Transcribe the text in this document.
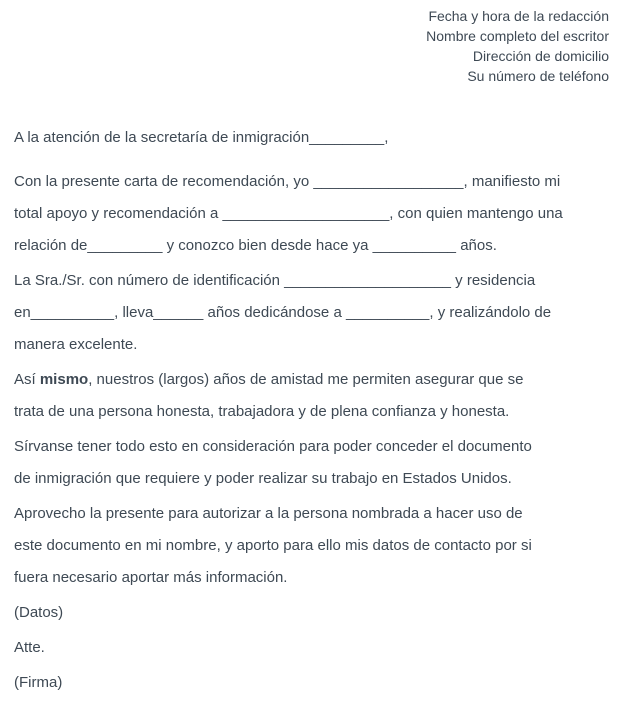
Fecha y hora de la redacción
Nombre completo del escritor
Dirección de domicilio
Su número de teléfono

A la atención de la secretaría de inmigración_________,

Con la presente carta de recomendación, yo __________________, manifiesto mi
total apoyo y recomendación a ____________________, con quien mantengo una
relación de_________ y conozco bien desde hace ya __________ años.

La Sra./Sr. con número de identificación ____________________ y residencia
en__________, lleva______ años dedicándose a __________, y realizándolo de
manera excelente.

Así mismo, nuestros (largos) años de amistad me permiten asegurar que se
trata de una persona honesta, trabajadora y de plena confianza y honesta.

Sírvanse tener todo esto en consideración para poder conceder el documento
de inmigración que requiere y poder realizar su trabajo en Estados Unidos.

Aprovecho la presente para autorizar a la persona nombrada a hacer uso de
este documento en mi nombre, y aporto para ello mis datos de contacto por si
fuera necesario aportar más información.

(Datos)

Atte.

(Firma)
